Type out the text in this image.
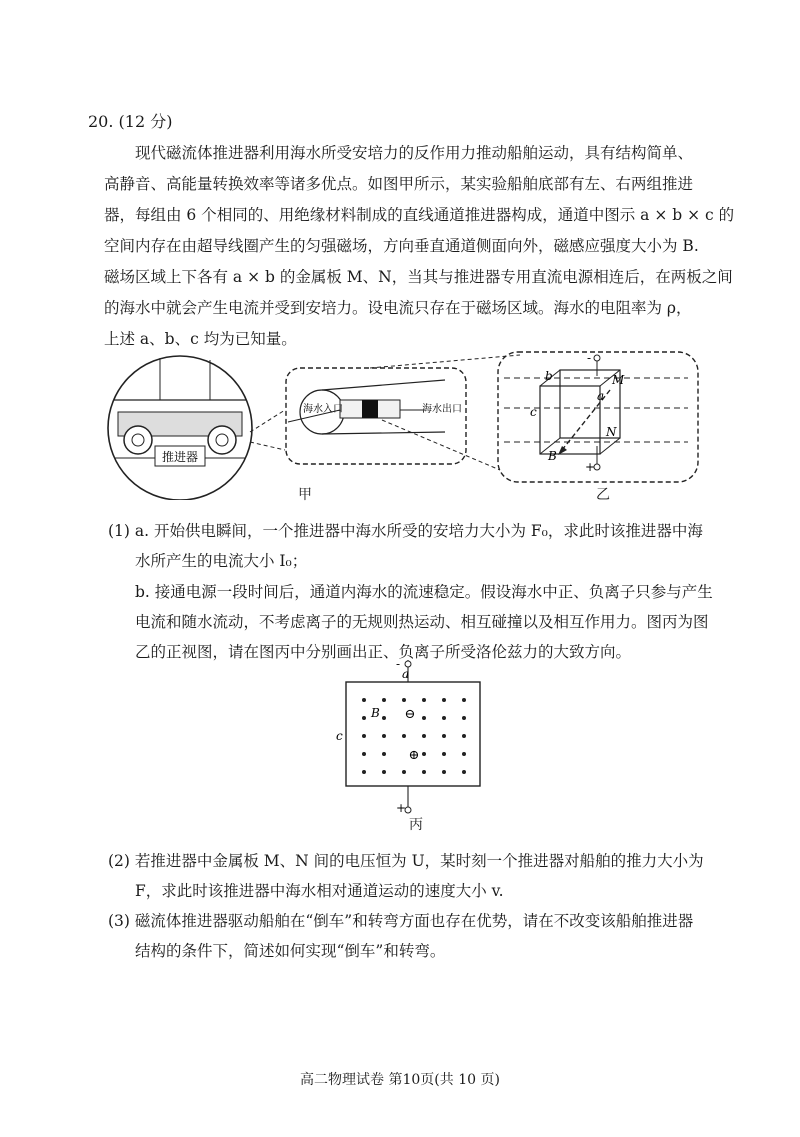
20. (12 分)
现代磁流体推进器利用海水所受安培力的反作用力推动船舶运动，具有结构简单、
高静音、高能量转换效率等诸多优点。如图甲所示，某实验船舶底部有左、右两组推进
器，每组由 6 个相同的、用绝缘材料制成的直线通道推进器构成，通道中图示 a × b × c 的
空间内存在由超导线圈产生的匀强磁场，方向垂直通道侧面向外，磁感应强度大小为 B.
磁场区域上下各有 a × b 的金属板 M、N，当其与推进器专用直流电源相连后，在两板之间
的海水中就会产生电流并受到安培力。设电流只存在于磁场区域。海水的电阻率为 ρ，
上述 a、b、c 均为已知量。
推进器
海水入口	海水出口
b	M
a
c
N
B
-
+
甲	乙
(1) a. 开始供电瞬间，一个推进器中海水所受的安培力大小为 F₀，求此时该推进器中海
水所产生的电流大小 I₀；
b. 接通电源一段时间后，通道内海水的流速稳定。假设海水中正、负离子只参与产生
电流和随水流动，不考虑离子的无规则热运动、相互碰撞以及相互作用力。图丙为图
乙的正视图，请在图丙中分别画出正、负离子所受洛伦兹力的大致方向。
-
a
c
B ⊖
⊕
+
丙
(2) 若推进器中金属板 M、N 间的电压恒为 U，某时刻一个推进器对船舶的推力大小为
F，求此时该推进器中海水相对通道运动的速度大小 v.
(3) 磁流体推进器驱动船舶在“倒车”和转弯方面也存在优势，请在不改变该船舶推进器
结构的条件下，简述如何实现“倒车”和转弯。
高二物理试卷 第10页(共 10 页)
